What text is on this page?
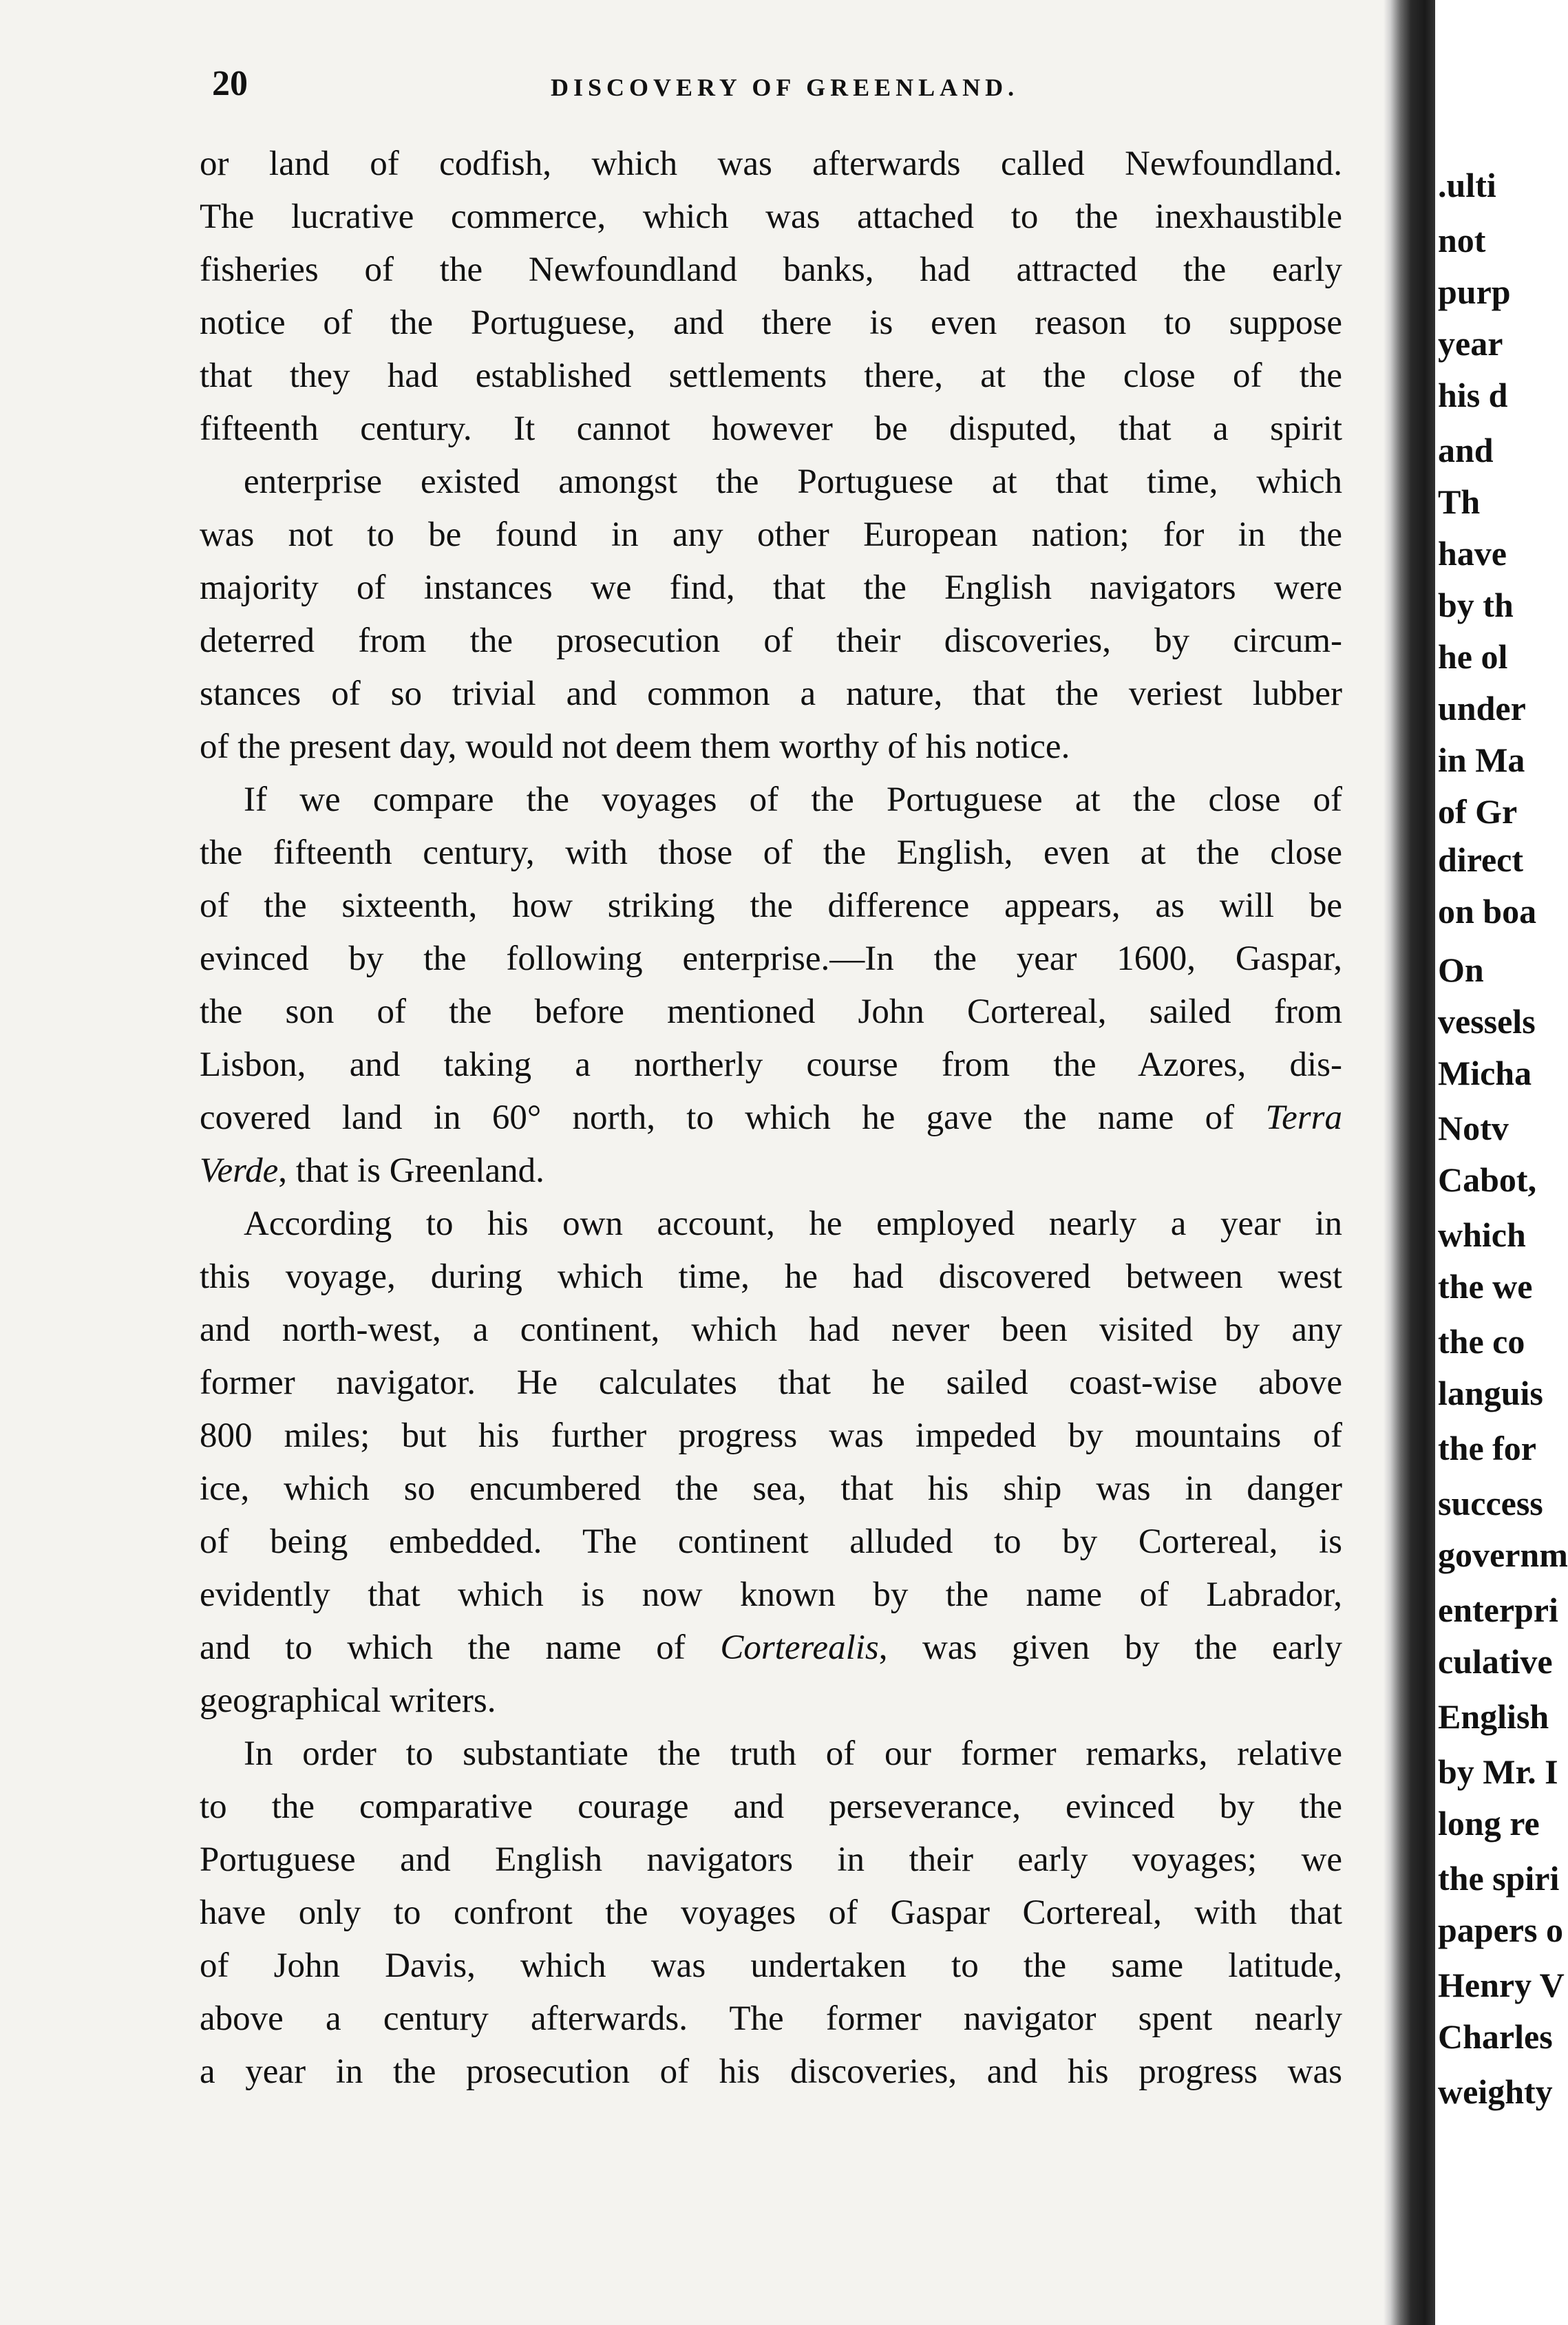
20	DISCOVERY OF GREENLAND.
or land of codfish, which was afterwards called Newfoundland.
The lucrative commerce, which was attached to the inexhaustible
fisheries of the Newfoundland banks, had attracted the early
notice of the Portuguese, and there is even reason to suppose
that they had established settlements there, at the close of the
fifteenth century. It cannot however be disputed, that a spirit
enterprise existed amongst the Portuguese at that time, which
was not to be found in any other European nation; for in the
majority of instances we find, that the English navigators were
deterred from the prosecution of their discoveries, by circum-
stances of so trivial and common a nature, that the veriest lubber
of the present day, would not deem them worthy of his notice.
If we compare the voyages of the Portuguese at the close of
the fifteenth century, with those of the English, even at the close
of the sixteenth, how striking the difference appears, as will be
evinced by the following enterprise.—In the year 1600, Gaspar,
the son of the before mentioned John Cortereal, sailed from
Lisbon, and taking a northerly course from the Azores, dis-
covered land in 60° north, to which he gave the name of Terra
Verde, that is Greenland.
According to his own account, he employed nearly a year in
this voyage, during which time, he had discovered between west
and north-west, a continent, which had never been visited by any
former navigator. He calculates that he sailed coast-wise above
800 miles; but his further progress was impeded by mountains of
ice, which so encumbered the sea, that his ship was in danger
of being embedded. The continent alluded to by Cortereal, is
evidently that which is now known by the name of Labrador,
and to which the name of Corterealis, was given by the early
geographical writers.
In order to substantiate the truth of our former remarks, relative
to the comparative courage and perseverance, evinced by the
Portuguese and English navigators in their early voyages; we
have only to confront the voyages of Gaspar Cortereal, with that
of John Davis, which was undertaken to the same latitude,
above a century afterwards. The former navigator spent nearly
a year in the prosecution of his discoveries, and his progress was
.ulti
not
purp
year
his d
and
Th
have
by th
he ol
under
in Ma
of Gr
direct
on boa
On
vessels
Micha
Notv
Cabot,
which
the we
the co
languis
the for
success
governm
enterpri
culative
English
by Mr. I
long re
the spiri
papers o
Henry V
Charles
weighty
